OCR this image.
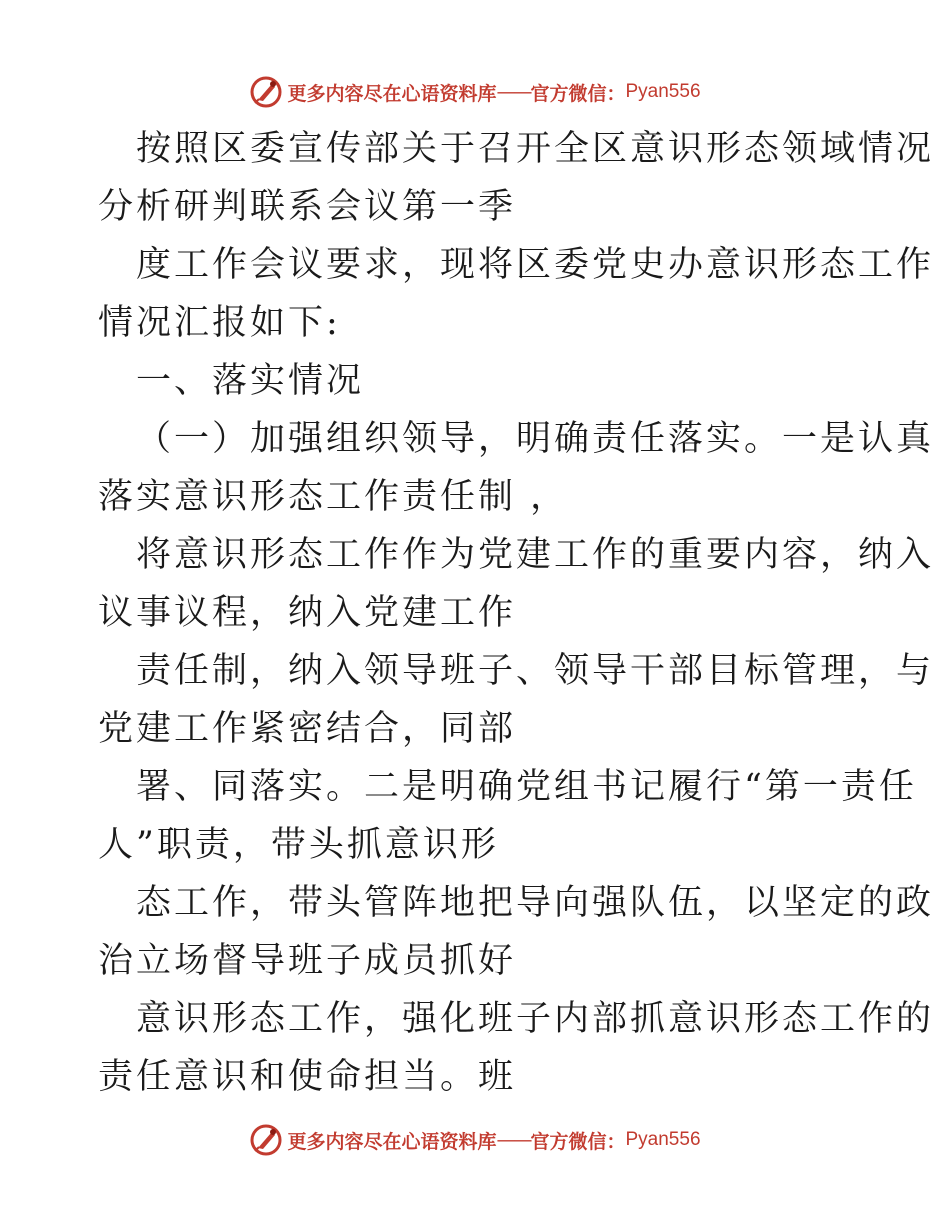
更多内容尽在心语资料库 —— 官方微信： Pyan556
按照区委宣传部关于召开全区意识形态领域情况
分析研判联系会议第一季
度工作会议要求，现将区委党史办意识形态工作
情况汇报如下:
一、落实情况
（一）加强组织领导，明确责任落实。一是认真
落实意识形态工作责任制 ，
将意识形态工作作为党建工作的重要内容，纳入
议事议程，纳入党建工作
责任制，纳入领导班子、领导干部目标管理，与
党建工作紧密结合，同部
署、同落实。二是明确党组书记履行“第一责任
人”职责，带头抓意识形
态工作，带头管阵地把导向强队伍，以坚定的政
治立场督导班子成员抓好
意识形态工作，强化班子内部抓意识形态工作的
责任意识和使命担当。班
更多内容尽在心语资料库 —— 官方微信： Pyan556
